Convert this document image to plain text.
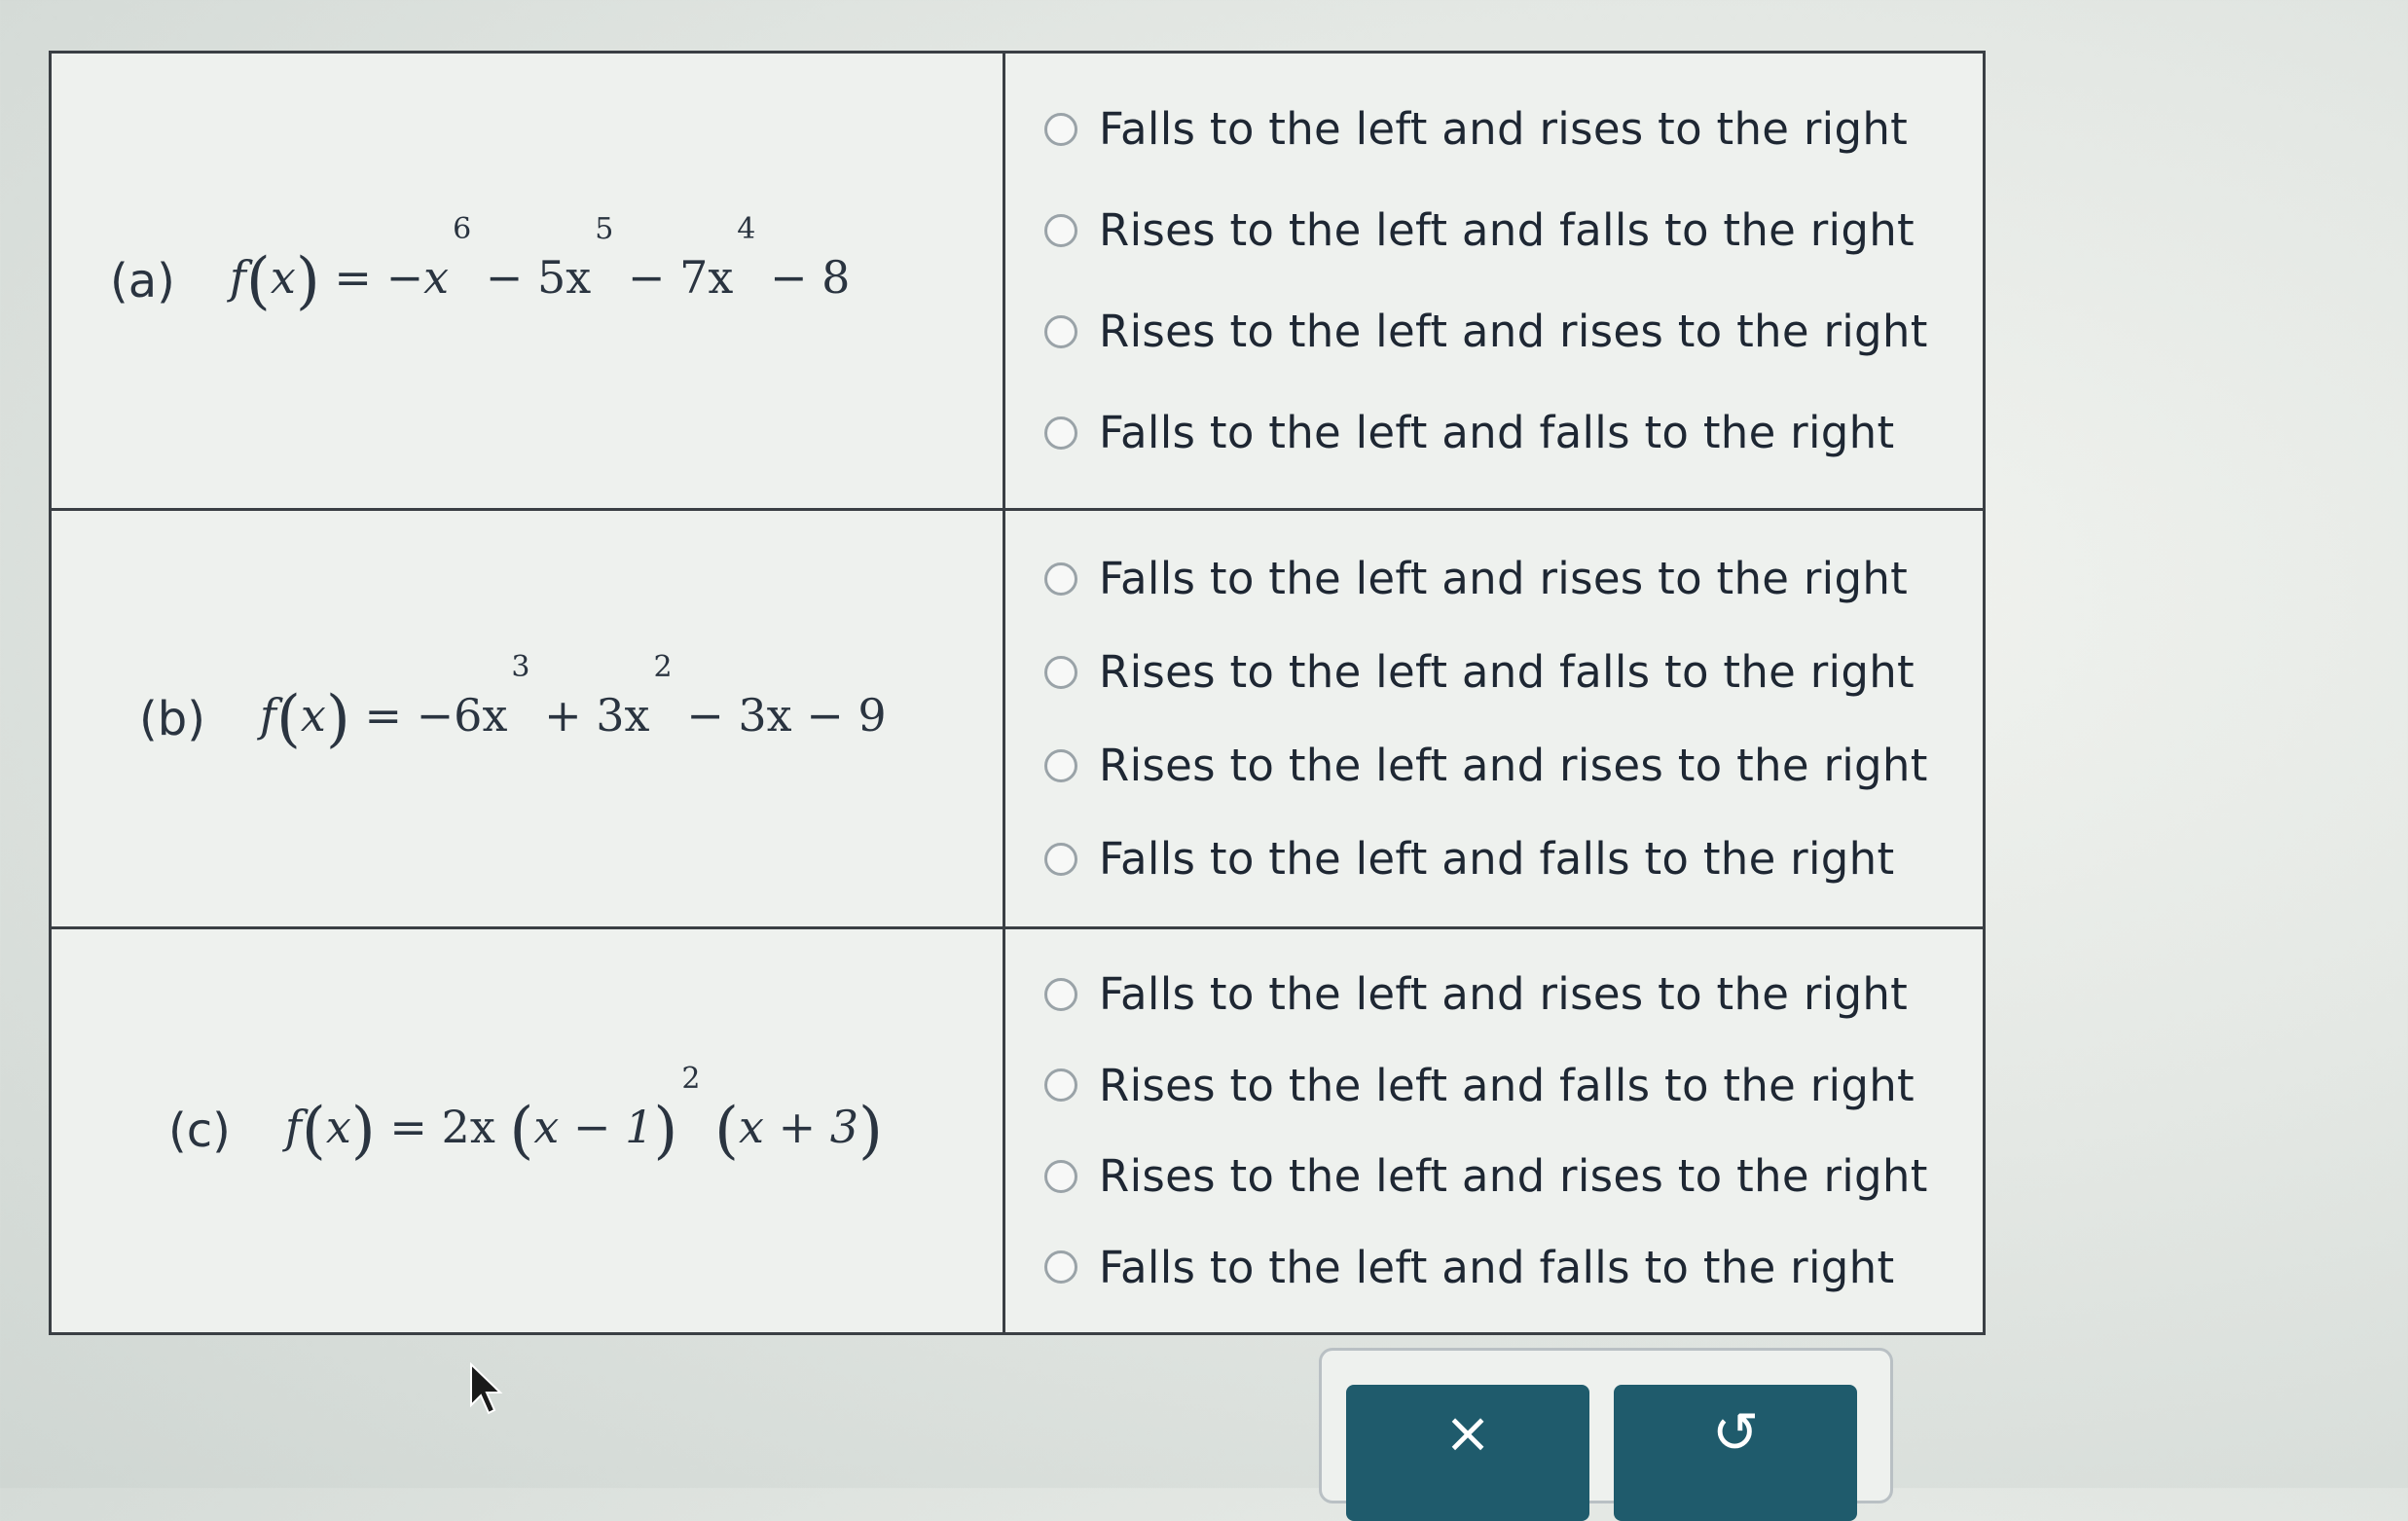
(a) $f(x) = -x^6 - 5x^5 - 7x^4 - 8$
Falls to the left and rises to the right
Rises to the left and falls to the right
Rises to the left and rises to the right
Falls to the left and falls to the right
(b) $f(x) = -6x^3 + 3x^2 - 3x - 9$
Falls to the left and rises to the right
Rises to the left and falls to the right
Rises to the left and rises to the right
Falls to the left and falls to the right
(c) f(x) = 2x $(x - 1)^2$ (x + 3)
Falls to the left and rises to the right
Rises to the left and falls to the right
Rises to the left and rises to the right
Falls to the left and falls to the right
×	↺
